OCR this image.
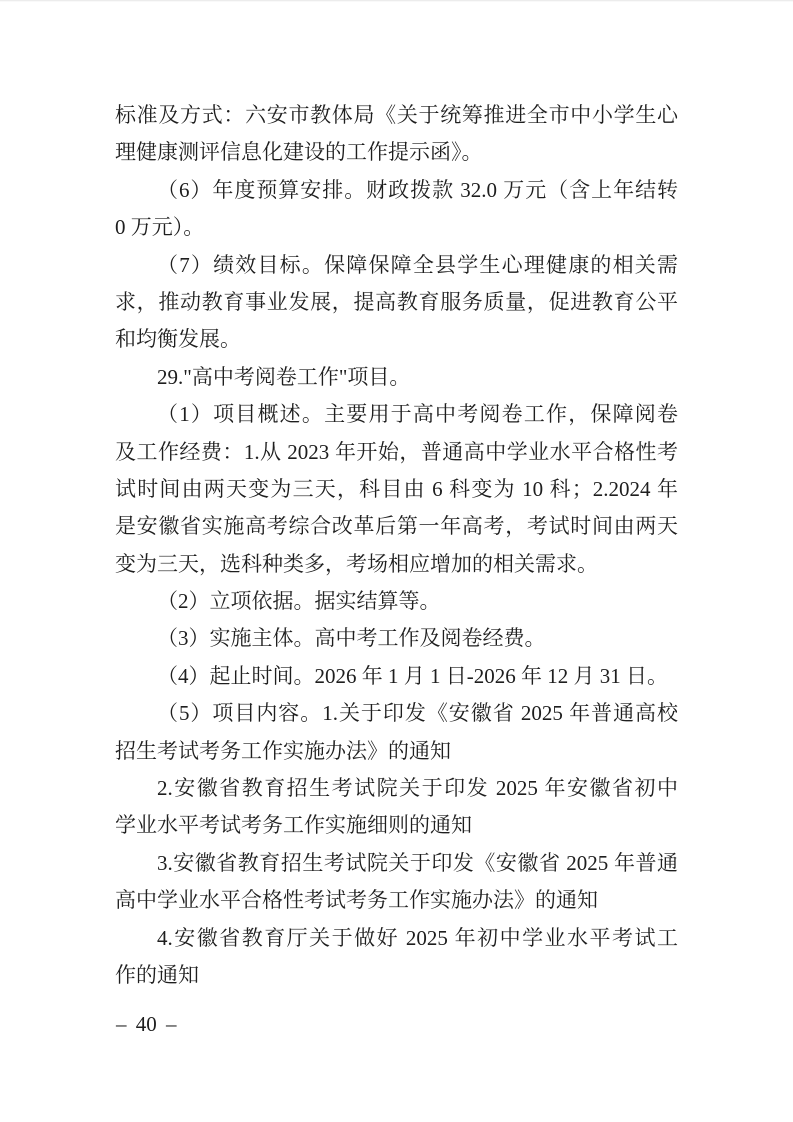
标准及方式：六安市教体局《关于统筹推进全市中小学生心
理健康测评信息化建设的工作提示函》。
（6）年度预算安排。财政拨款 32.0 万元（含上年结转
0 万元）。
（7）绩效目标。保障保障全县学生心理健康的相关需
求，推动教育事业发展，提高教育服务质量，促进教育公平
和均衡发展。
29."高中考阅卷工作"项目。
（1）项目概述。主要用于高中考阅卷工作，保障阅卷
及工作经费：1.从 2023 年开始，普通高中学业水平合格性考
试时间由两天变为三天，科目由 6 科变为 10 科；2.2024 年
是安徽省实施高考综合改革后第一年高考，考试时间由两天
变为三天，选科种类多，考场相应增加的相关需求。
（2）立项依据。据实结算等。
（3）实施主体。高中考工作及阅卷经费。
（4）起止时间。2026 年 1 月 1 日-2026 年 12 月 31 日。
（5）项目内容。1.关于印发《安徽省 2025 年普通高校
招生考试考务工作实施办法》的通知
2.安徽省教育招生考试院关于印发 2025 年安徽省初中
学业水平考试考务工作实施细则的通知
3.安徽省教育招生考试院关于印发《安徽省 2025 年普通
高中学业水平合格性考试考务工作实施办法》的通知
4.安徽省教育厅关于做好 2025 年初中学业水平考试工
作的通知
– 40 –
